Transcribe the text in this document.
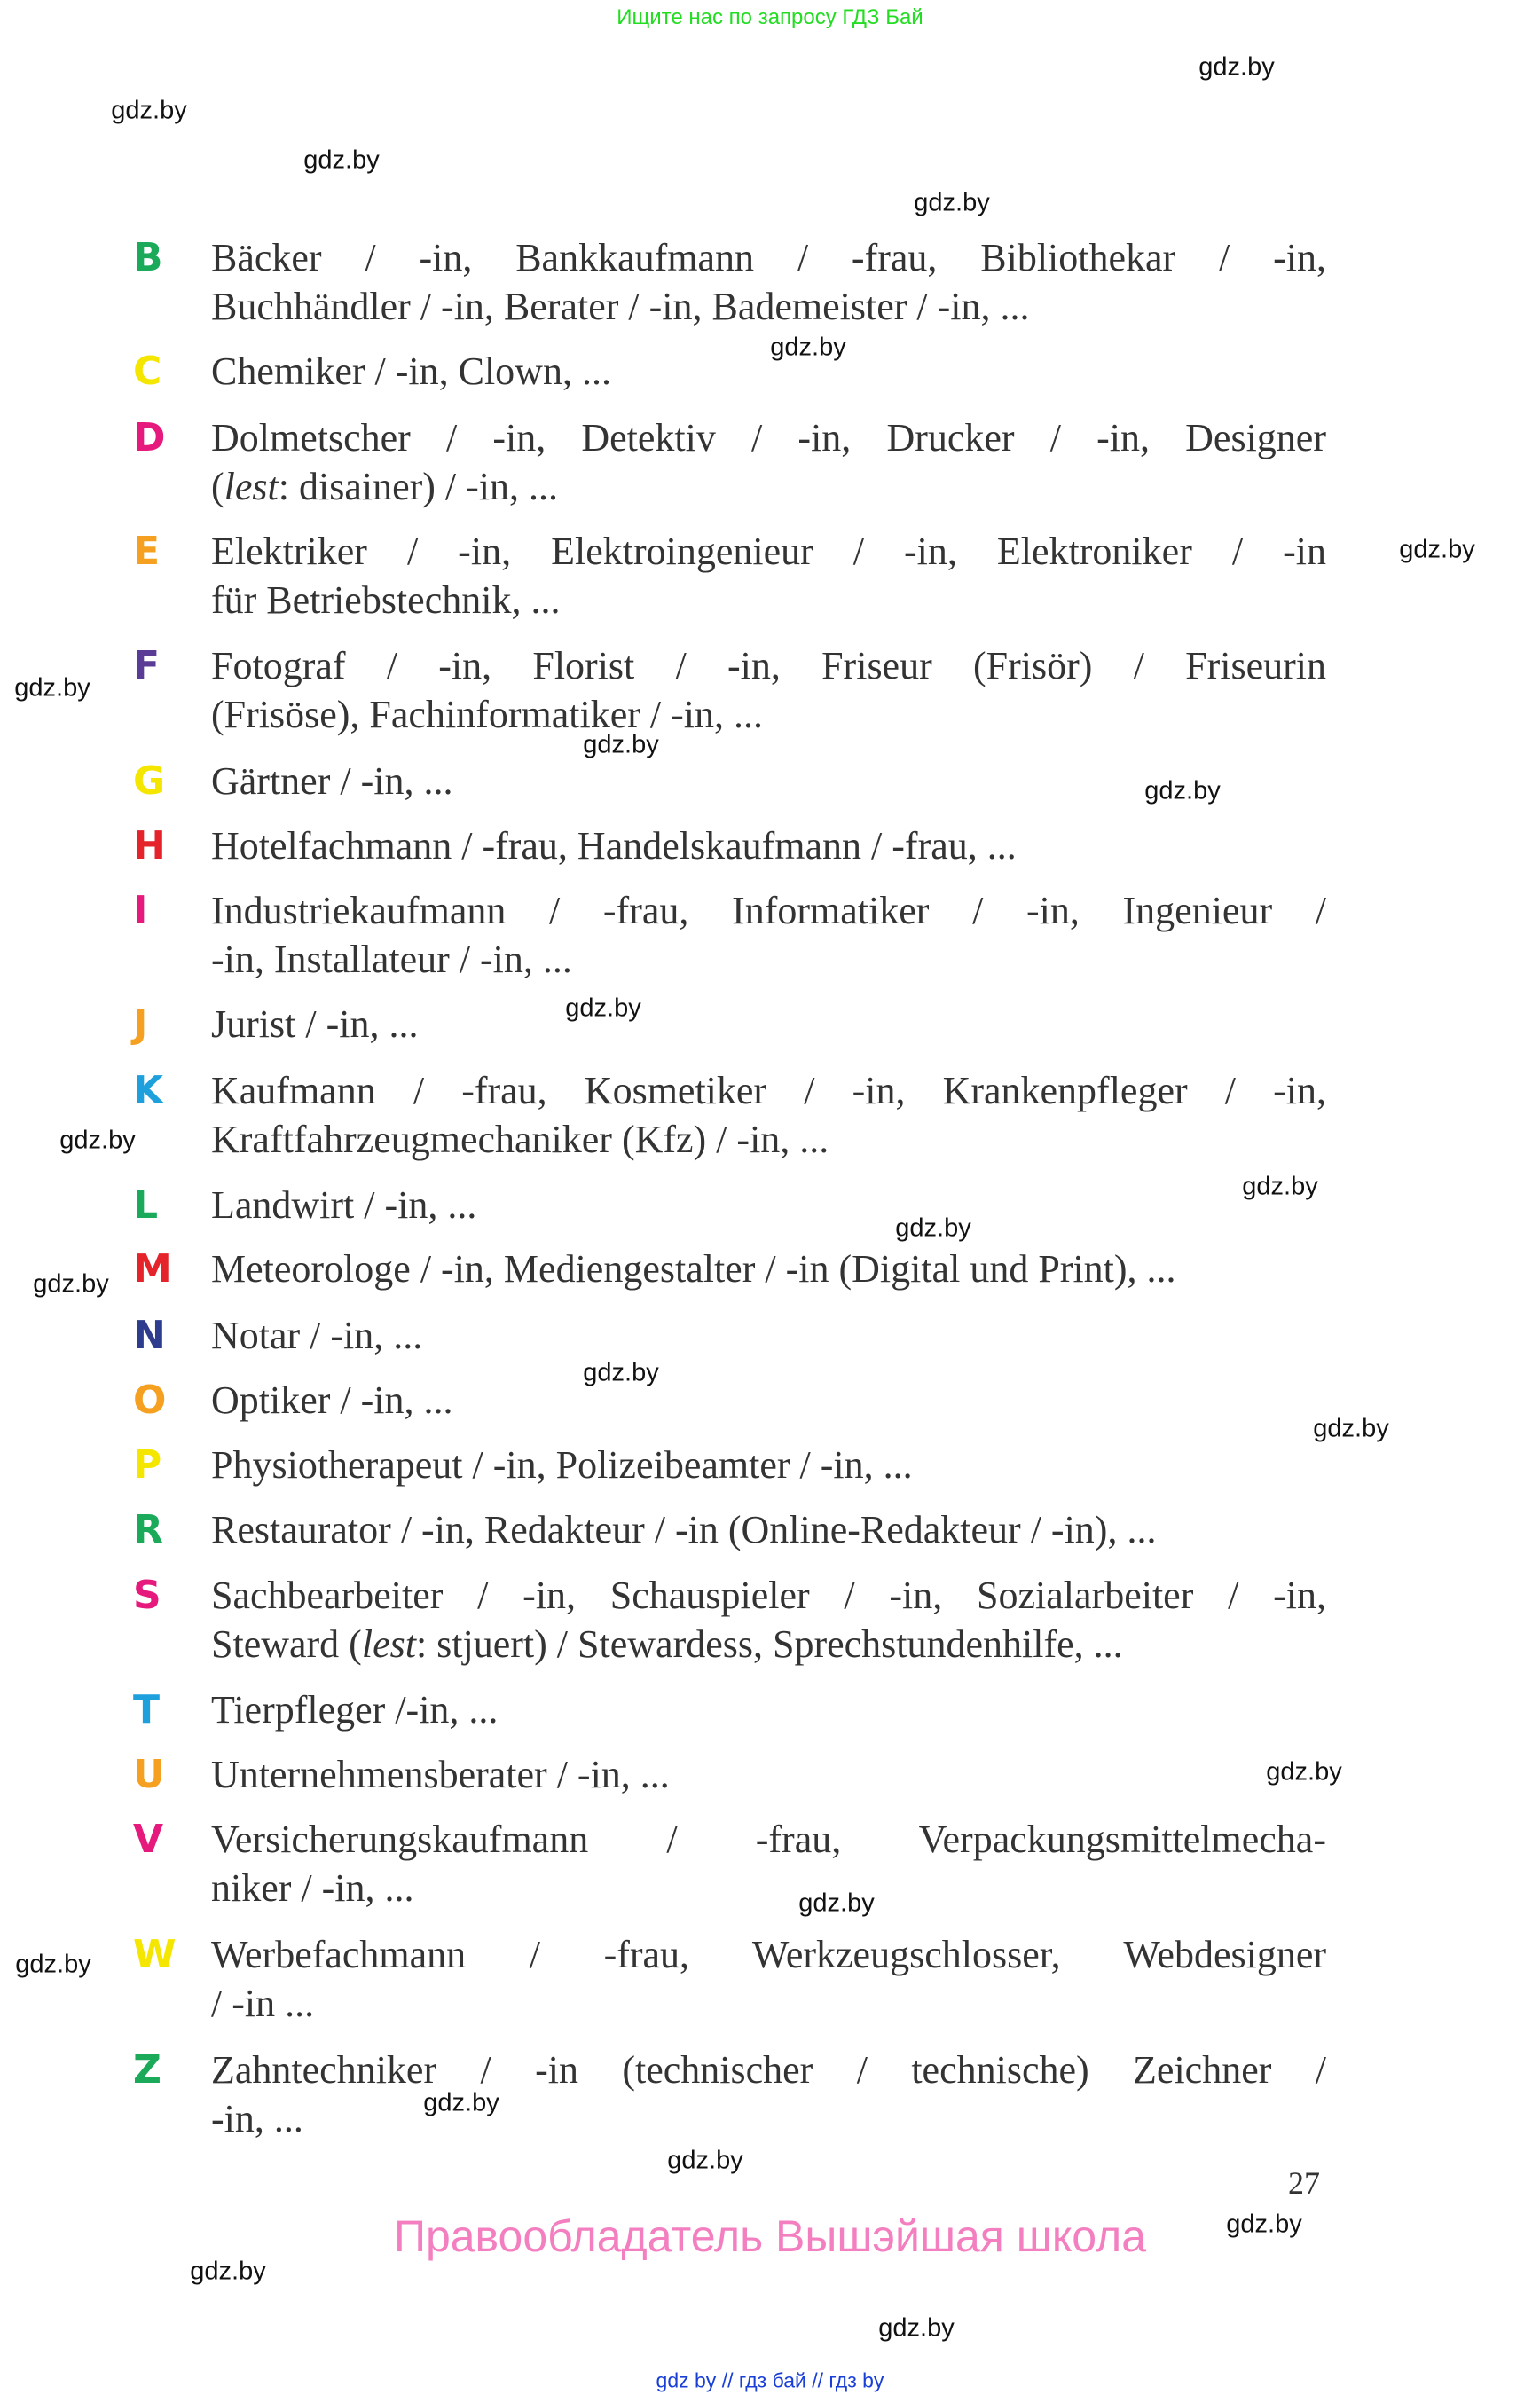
Ищите нас по запросу ГДЗ Бай
B Bäcker / -in, Bankkaufmann / -frau, Bibliothekar / -in,
Buchhändler / -in, Berater / -in, Bademeister / -in, ...
C Chemiker / -in, Clown, ...
D Dolmetscher / -in, Detektiv / -in, Drucker / -in, Designer
(lest: disainer) / -in, ...
E Elektriker / -in, Elektroingenieur / -in, Elektroniker / -in
für Betriebstechnik, ...
F Fotograf / -in, Florist / -in, Friseur (Frisör) / Friseurin
(Frisöse), Fachinformatiker / -in, ...
G Gärtner / -in, ...
H Hotelfachmann / -frau, Handelskaufmann / -frau, ...
I	Industriekaufmann / -frau, Informatiker / -in, Ingenieur /
-in, Installateur / -in, ...
J	Jurist / -in, ...
K Kaufmann / -frau, Kosmetiker / -in, Krankenpfleger / -in,
Kraftfahrzeugmechaniker (Kfz) / -in, ...
L Landwirt / -in, ...
M Meteorologe / -in, Mediengestalter / -in (Digital und Print), ...
N Notar / -in, ...
O Optiker / -in, ...
P Physiotherapeut / -in, Polizeibeamter / -in, ...
R Restaurator / -in, Redakteur / -in (Online-Redakteur / -in), ...
S Sachbearbeiter / -in, Schauspieler / -in, Sozialarbeiter / -in,
Steward (lest: stjuert) / Stewardess, Sprechstundenhilfe, ...
T Tierpfleger /-in, ...
U Unternehmensberater / -in, ...
V Versicherungskaufmann / -frau, Verpackungsmittelmecha-
niker / -in, ...
W Werbefachmann / -frau, Werkzeugschlosser, Webdesigner
/ -in ...
Z Zahntechniker / -in (technischer / technische) Zeichner /
-in, ...
gdz.by
gdz.by
gdz.by
gdz.by
gdz.by
gdz.by
gdz.by
gdz.by
gdz.by
gdz.by
gdz.by
gdz.by
gdz.by
gdz.by
gdz.by
gdz.by
gdz.by
gdz.by
gdz.by
gdz.by
gdz.by
gdz.by
gdz.by
gdz.by
27
Правообладатель Вышэйшая школа
gdz by // гдз бай // гдз by
